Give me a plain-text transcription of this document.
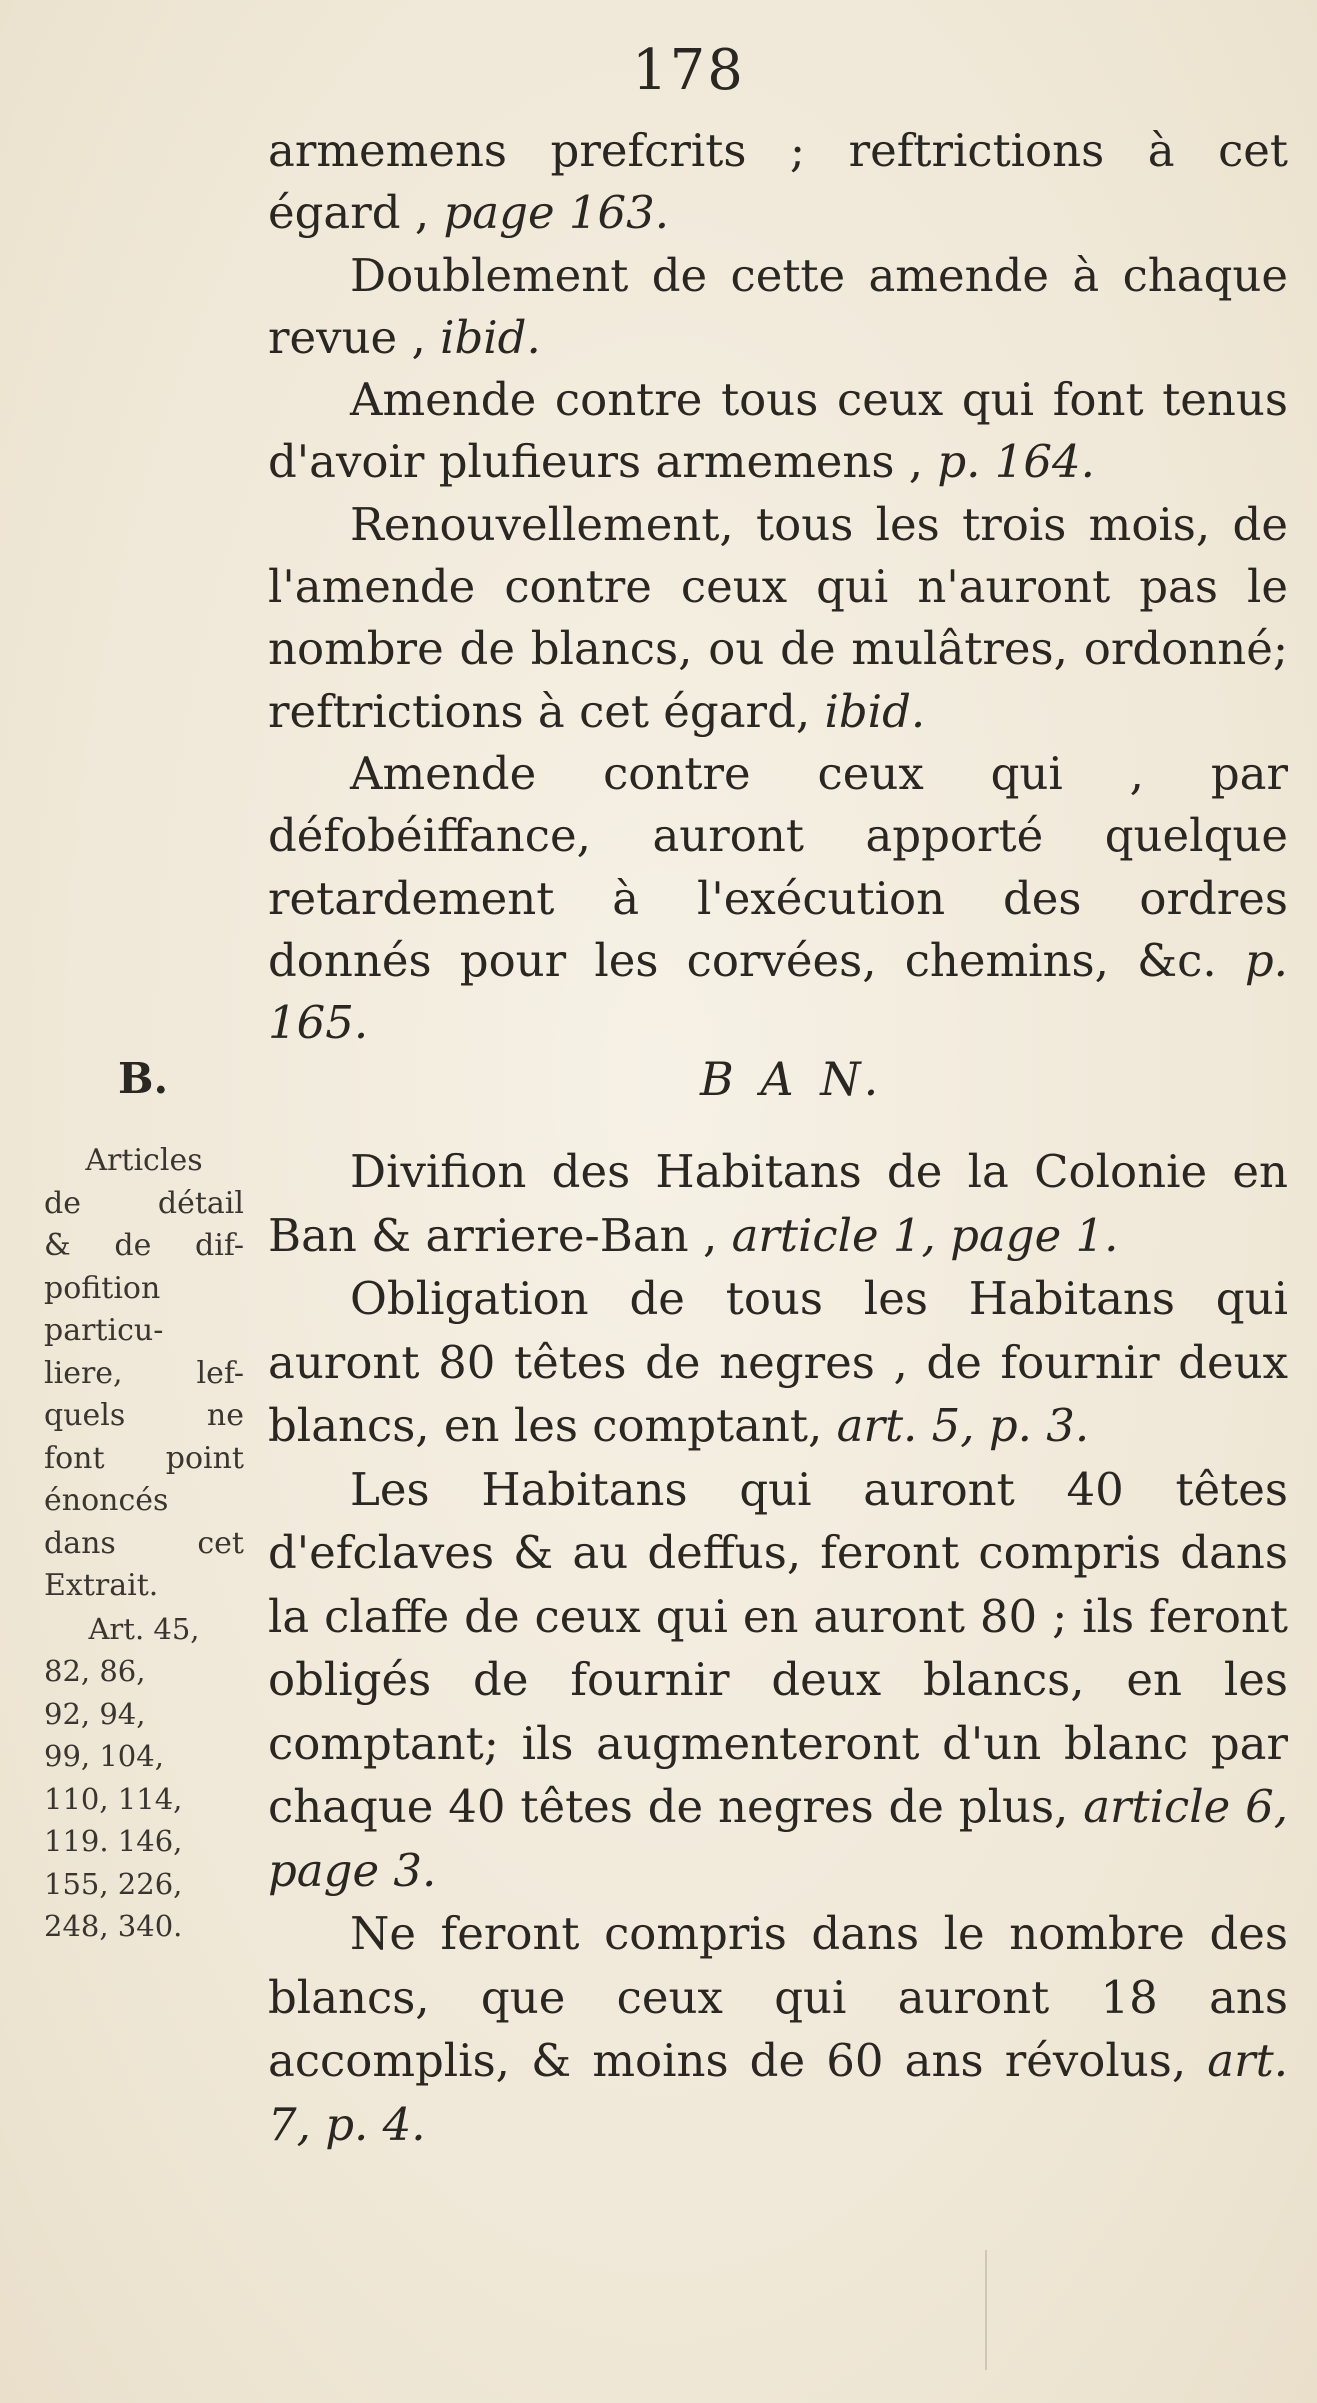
178

armemens prefcrits ; reftrictions à cet égard , page 163.

Doublement de cette amende à chaque revue , ibid.

Amende contre tous ceux qui font tenus d'avoir plufieurs armemens , p. 164.

Renouvellement, tous les trois mois, de l'amende contre ceux qui n'auront pas le nombre de blancs, ou de mulâtres, ordonné; reftrictions à cet égard, ibid.

Amende contre ceux qui , par défobéiffance, auront apporté quelque retardement à l'exécution des ordres donnés pour les corvées, chemins, &c. p. 165.

B.	B A N.
Articles
de détail
& de dif-
pofition
particu-
liere, lef-
quels ne
font point
énoncés
dans cet
Extrait.
Art. 45,
82, 86,
92, 94,
99, 104,
110, 114,
119. 146,
155, 226,
248, 340.

Divifion des Habitans de la Colonie en Ban & arriere-Ban , article 1, page 1.

Obligation de tous les Habitans qui auront 80 têtes de negres , de fournir deux blancs, en les comptant, art. 5, p. 3.

Les Habitans qui auront 40 têtes d'efclaves & au deffus, feront compris dans la claffe de ceux qui en auront 80 ; ils feront obligés de fournir deux blancs, en les comptant; ils augmenteront d'un blanc par chaque 40 têtes de negres de plus, article 6, page 3.

Ne feront compris dans le nombre des blancs, que ceux qui auront 18 ans accomplis, & moins de 60 ans révolus, art. 7, p. 4.
